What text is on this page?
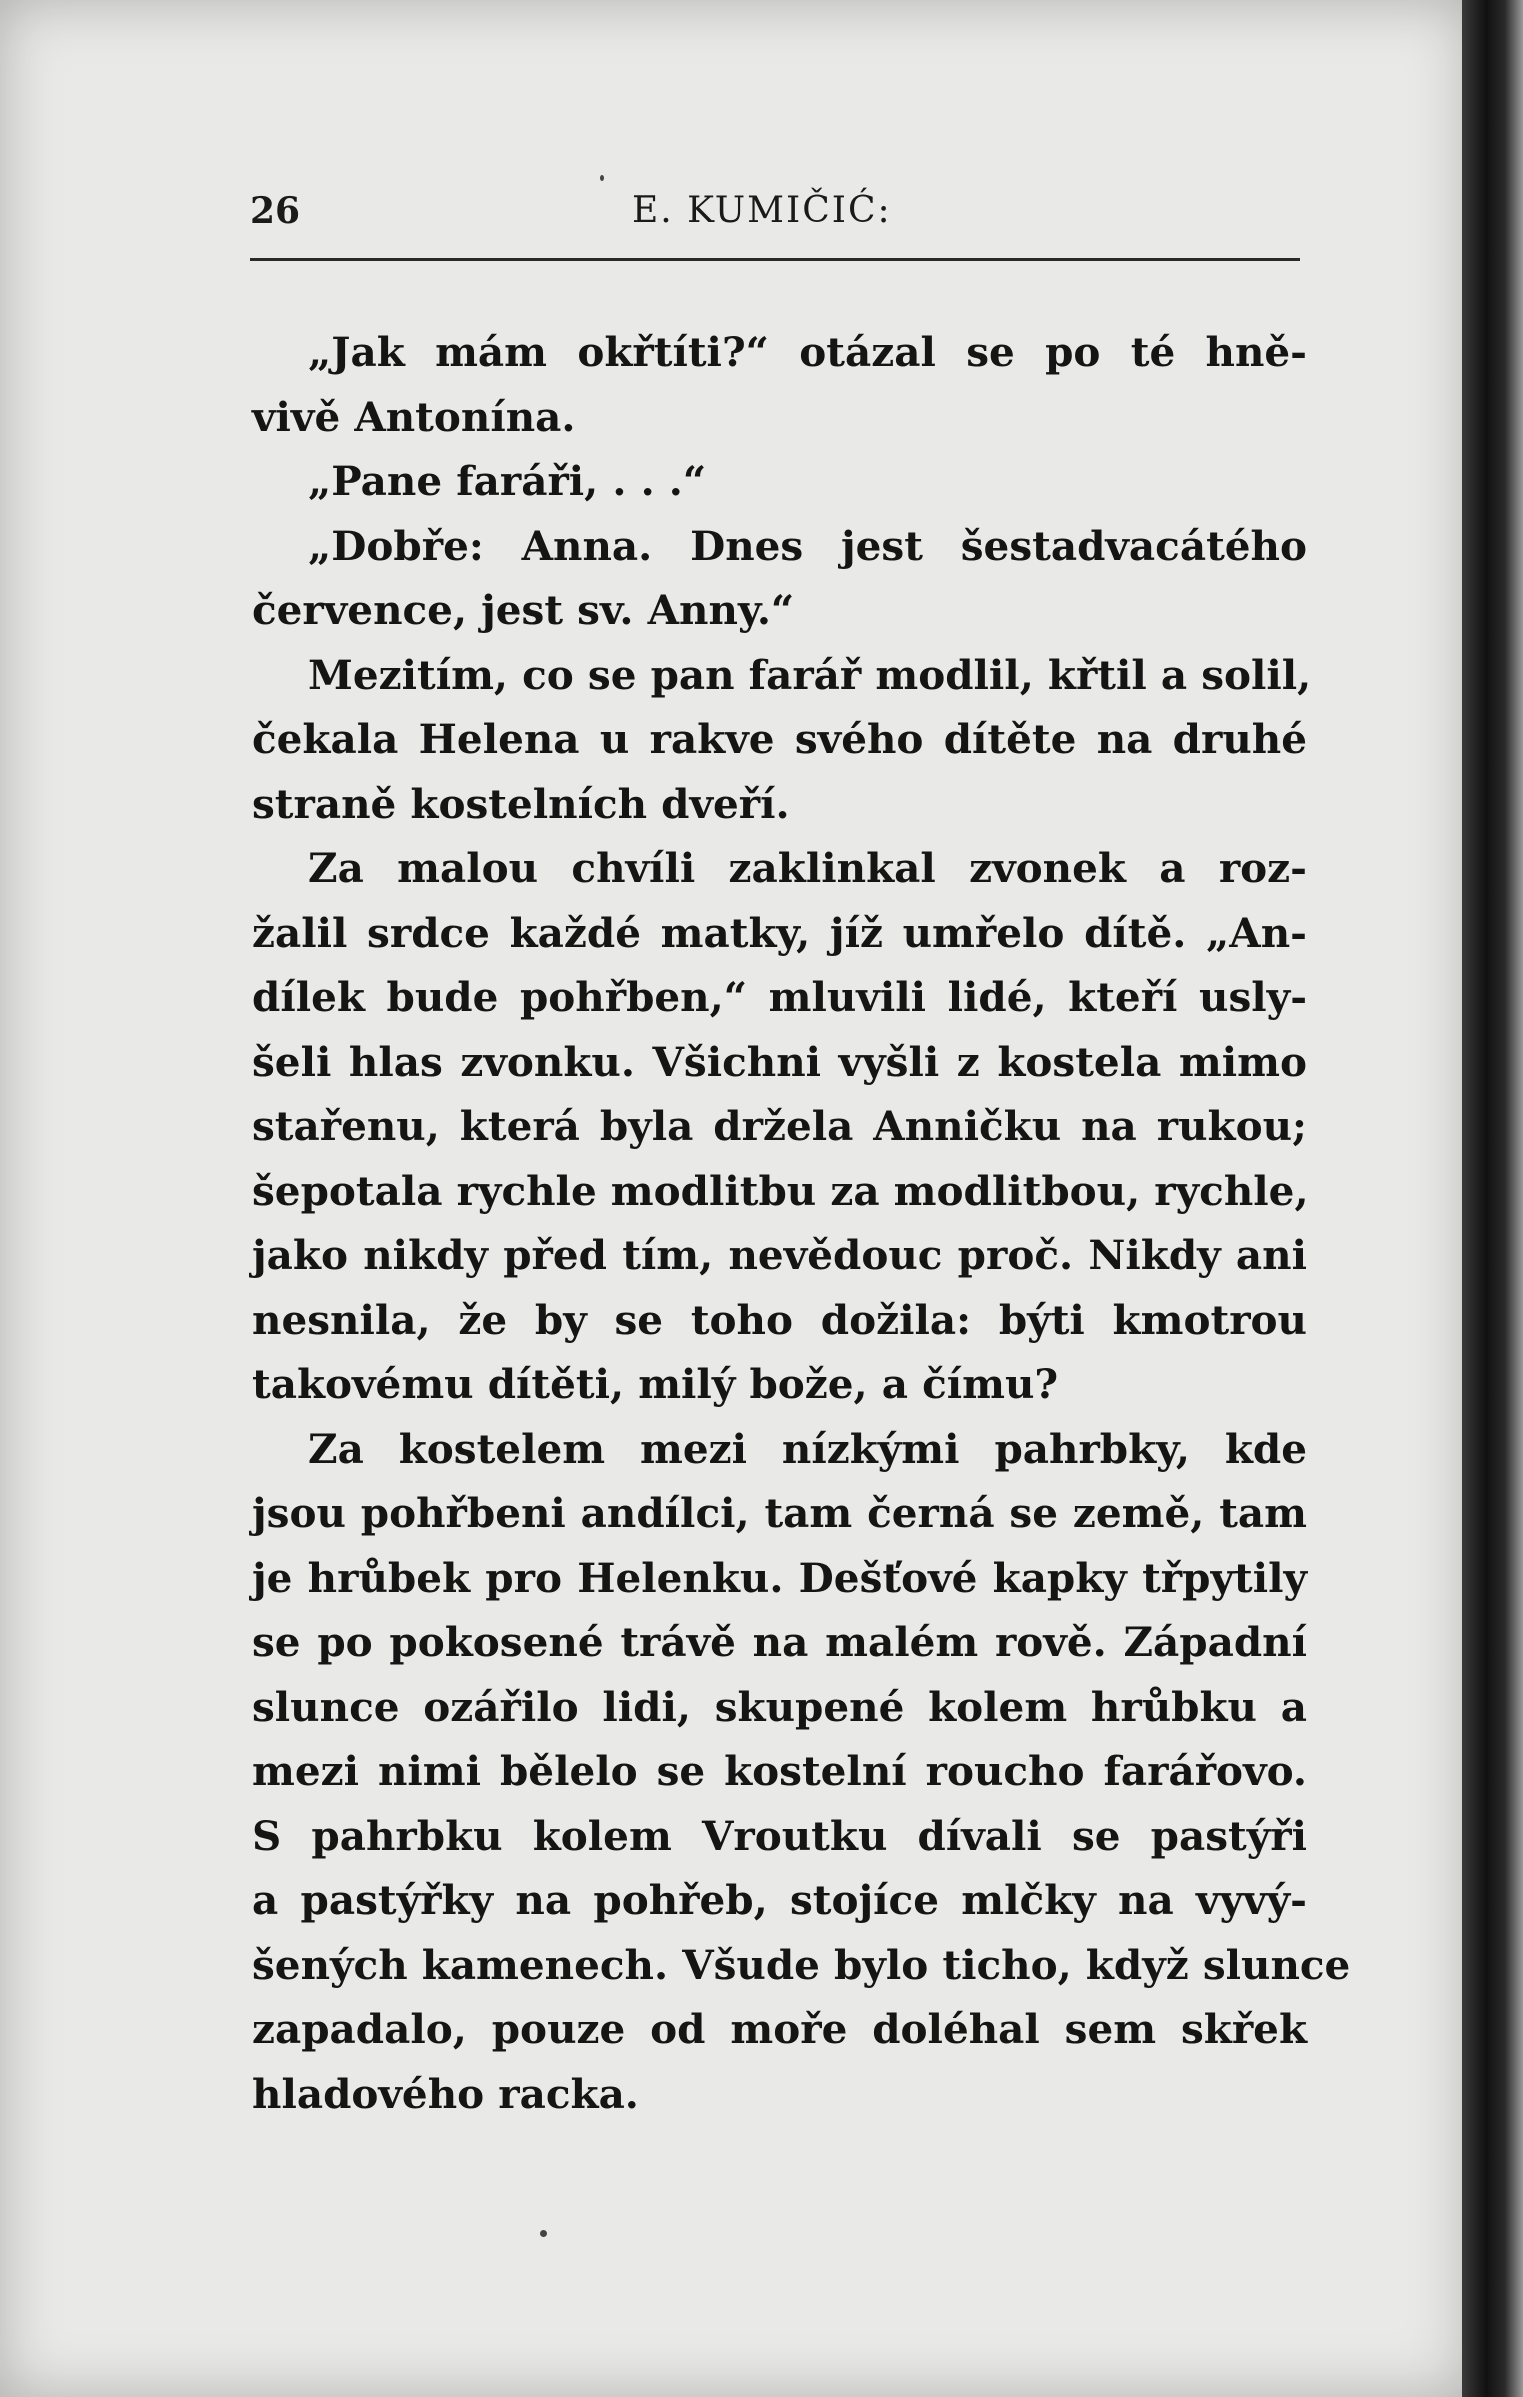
26	E. KUMIČIĆ:
„Jak mám okřtíti?“ otázal se po té hně-
vivě Antonína.
„Pane faráři, . . .“
„Dobře: Anna. Dnes jest šestadvacátého
července, jest sv. Anny.“
Mezitím, co se pan farář modlil, křtil a solil,
čekala Helena u rakve svého dítěte na druhé
straně kostelních dveří.
Za malou chvíli zaklinkal zvonek a roz-
žalil srdce každé matky, jíž umřelo dítě. „An-
dílek bude pohřben,“ mluvili lidé, kteří usly-
šeli hlas zvonku. Všichni vyšli z kostela mimo
stařenu, která byla držela Anničku na rukou;
šepotala rychle modlitbu za modlitbou, rychle,
jako nikdy před tím, nevědouc proč. Nikdy ani
nesnila, že by se toho dožila: býti kmotrou
takovému dítěti, milý bože, a čímu?
Za kostelem mezi nízkými pahrbky, kde
jsou pohřbeni andílci, tam černá se země, tam
je hrůbek pro Helenku. Dešťové kapky třpytily
se po pokosené trávě na malém rově. Západní
slunce ozářilo lidi, skupené kolem hrůbku a
mezi nimi bělelo se kostelní roucho farářovo.
S pahrbku kolem Vroutku dívali se pastýři
a pastýřky na pohřeb, stojíce mlčky na vyvý-
šených kamenech. Všude bylo ticho, když slunce
zapadalo, pouze od moře doléhal sem skřek
hladového racka.
